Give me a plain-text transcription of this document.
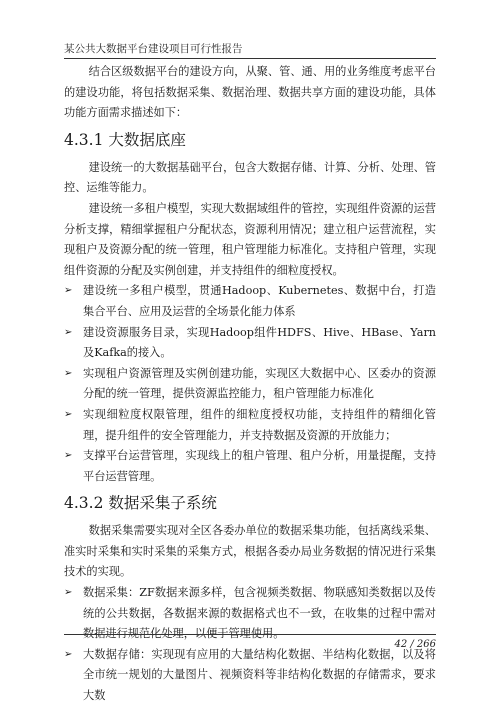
某公共大数据平台建设项目可行性报告

结合区级数据平台的建设方向，从聚、管、通、用的业务维度考虑平台的建设功能，将包括数据采集、数据治理、数据共享方面的建设功能，具体功能方面需求描述如下：

4.3.1 大数据底座

建设统一的大数据基础平台，包含大数据存储、计算、分析、处理、管控、运维等能力。

建设统一多租户模型，实现大数据域组件的管控，实现组件资源的运营分析支撑，精细掌握租户分配状态，资源利用情况；建立租户运营流程，实现租户及资源分配的统一管理，租户管理能力标准化。支持租户管理，实现组件资源的分配及实例创建，并支持组件的细粒度授权。

➢ 建设统一多租户模型，贯通Hadoop、Kubernetes、数据中台，打造集合平台、应用及运营的全场景化能力体系
➢ 建设资源服务目录，实现Hadoop组件HDFS、Hive、HBase、Yarn及Kafka的接入。
➢ 实现租户资源管理及实例创建功能，实现区大数据中心、区委办的资源分配的统一管理，提供资源监控能力，租户管理能力标准化
➢ 实现细粒度权限管理，组件的细粒度授权功能，支持组件的精细化管理，提升组件的安全管理能力，并支持数据及资源的开放能力；
➢ 支撑平台运营管理，实现线上的租户管理、租户分析，用量提醒，支持平台运营管理。
4.3.2 数据采集子系统

数据采集需要实现对全区各委办单位的数据采集功能，包括离线采集、准实时采集和实时采集的采集方式，根据各委办局业务数据的情况进行采集技术的实现。

➢ 数据采集：ZF数据来源多样，包含视频类数据、物联感知类数据以及传统的公共数据，各数据来源的数据格式也不一致，在收集的过程中需对数据进行规范化处理，以便于管理使用。
➢ 大数据存储：实现现有应用的大量结构化数据、半结构化数据，以及将全市统一规划的大量图片、视频资料等非结构化数据的存储需求，要求大数
42 / 266
